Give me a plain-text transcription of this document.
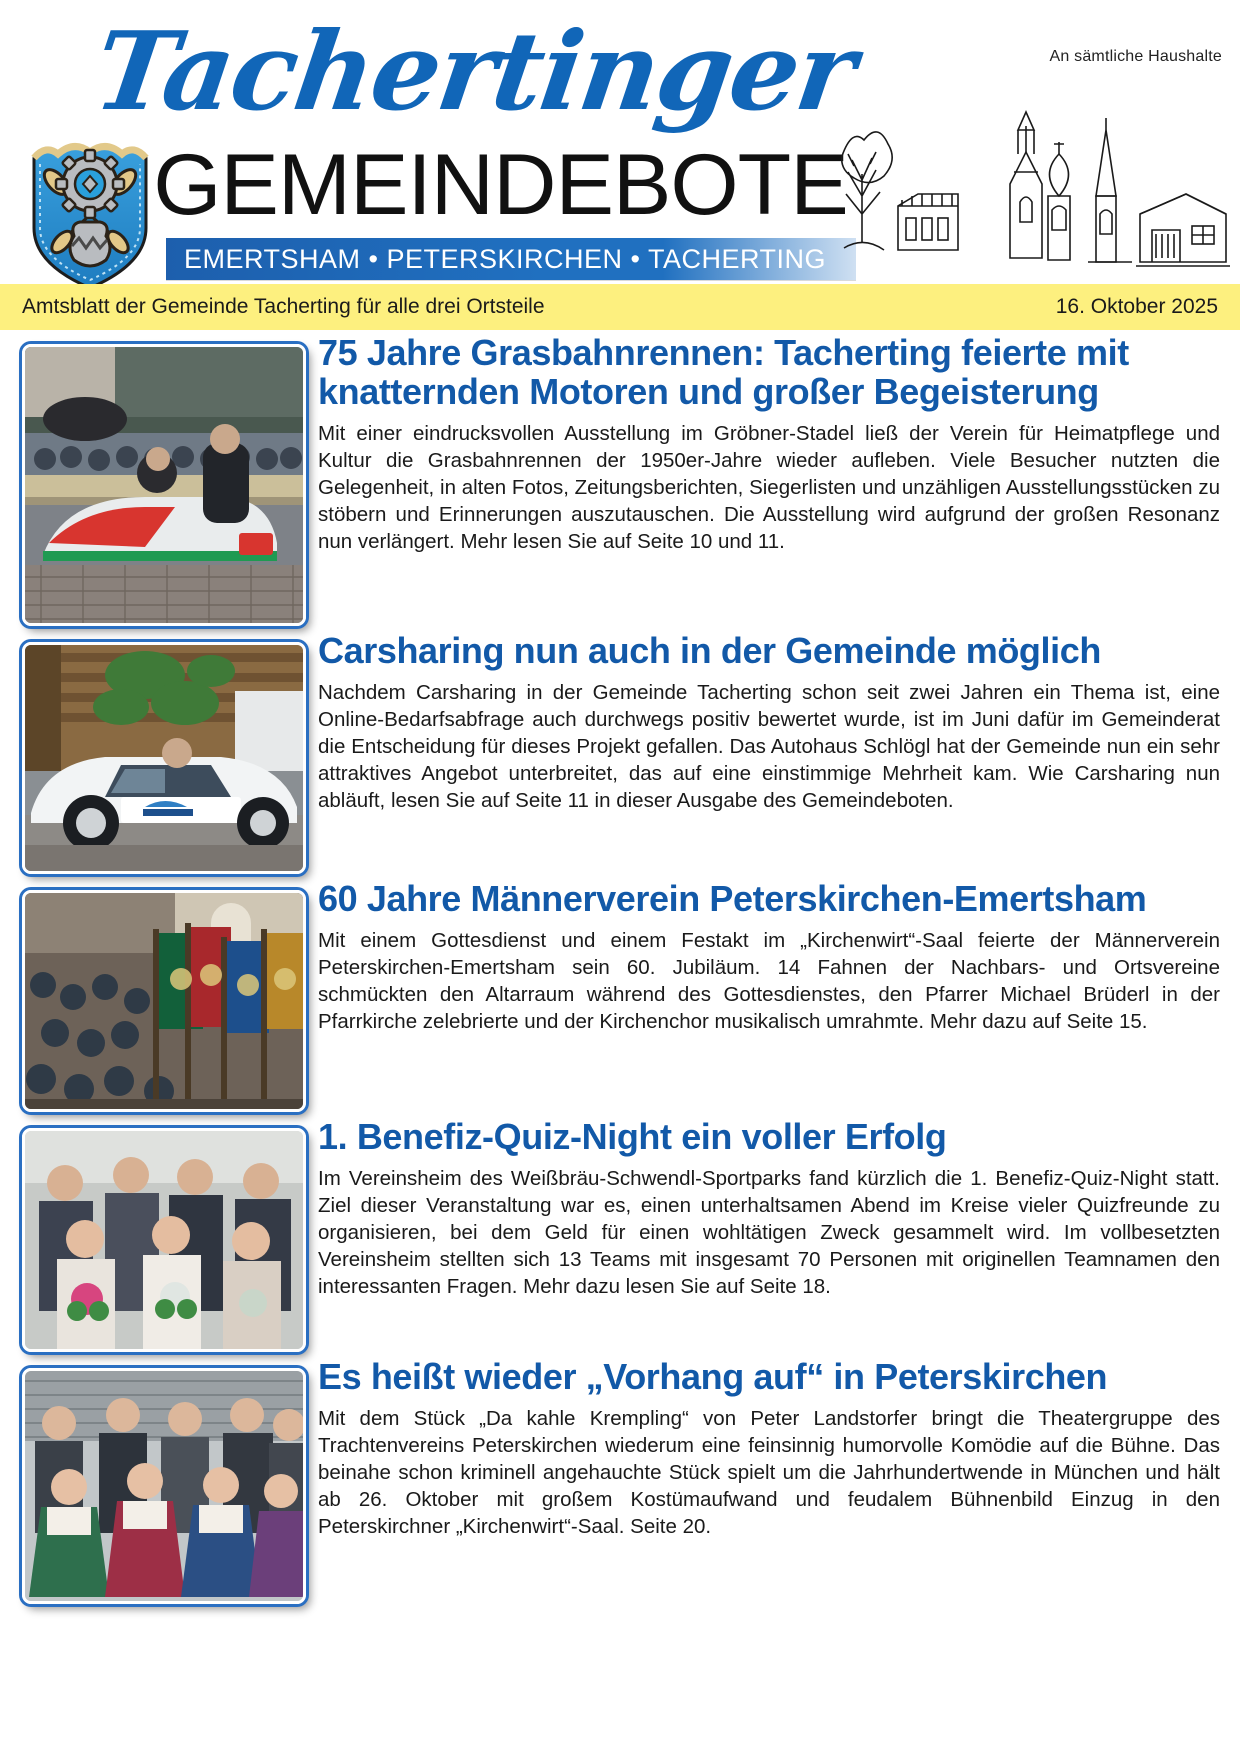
Tachertinger	An sämtliche Haushalte
GEMEINDEBOTE
EMERTSHAM • PETERSKIRCHEN • TACHERTING
Amtsblatt der Gemeinde Tacherting für alle drei Ortsteile	16. Oktober 2025
75 Jahre Grasbahnrennen: Tacherting feierte mit knatternden Motoren und großer Begeisterung

Mit einer eindrucksvollen Ausstellung im Gröbner-Stadel ließ der Verein für Heimatpflege und Kultur die Grasbahnrennen der 1950er-Jahre wieder aufleben. Viele Besucher nutzten die Gelegenheit, in alten Fotos, Zeitungsberichten, Siegerlisten und unzähligen Ausstellungsstücken zu stöbern und Erinnerungen auszutauschen. Die Ausstellung wird aufgrund der großen Resonanz nun verlängert. Mehr lesen Sie auf Seite 10 und 11.

Carsharing nun auch in der Gemeinde möglich

Nachdem Carsharing in der Gemeinde Tacherting schon seit zwei Jahren ein Thema ist, eine Online-Bedarfsabfrage auch durchwegs positiv bewertet wurde, ist im Juni dafür im Gemeinderat die Entscheidung für dieses Projekt gefallen. Das Autohaus Schlögl hat der Gemeinde nun ein sehr attraktives Angebot unterbreitet, das auf eine einstimmige Mehrheit kam. Wie Carsharing nun abläuft, lesen Sie auf Seite 11 in dieser Ausgabe des Gemeindeboten.

60 Jahre Männerverein Peterskirchen-Emertsham

Mit einem Gottesdienst und einem Festakt im „Kirchenwirt“-Saal feierte der Männerverein Peterskirchen-Emertsham sein 60. Jubiläum. 14 Fahnen der Nachbars- und Ortsvereine schmückten den Altarraum während des Gottesdienstes, den Pfarrer Michael Brüderl in der Pfarrkirche zelebrierte und der Kirchenchor musikalisch umrahmte. Mehr dazu auf Seite 15.

1. Benefiz-Quiz-Night ein voller Erfolg

Im Vereinsheim des Weißbräu-Schwendl-Sportparks fand kürzlich die 1. Benefiz-Quiz-Night statt. Ziel dieser Veranstaltung war es, einen unterhaltsamen Abend im Kreise vieler Quizfreunde zu organisieren, bei dem Geld für einen wohltätigen Zweck gesammelt wird. Im vollbesetzten Vereinsheim stellten sich 13 Teams mit insgesamt 70 Personen mit originellen Teamnamen den interessanten Fragen. Mehr dazu lesen Sie auf Seite 18.

Es heißt wieder „Vorhang auf“ in Peterskirchen

Mit dem Stück „Da kahle Krempling“ von Peter Landstorfer bringt die Theatergruppe des Trachtenvereins Peterskirchen wiederum eine feinsinnig humorvolle Komödie auf die Bühne. Das beinahe schon kriminell angehauchte Stück spielt um die Jahrhundertwende in München und hält ab 26. Oktober mit großem Kostümaufwand und feudalem Bühnenbild Einzug in den Peterskirchner „Kirchenwirt“-Saal. Seite 20.
